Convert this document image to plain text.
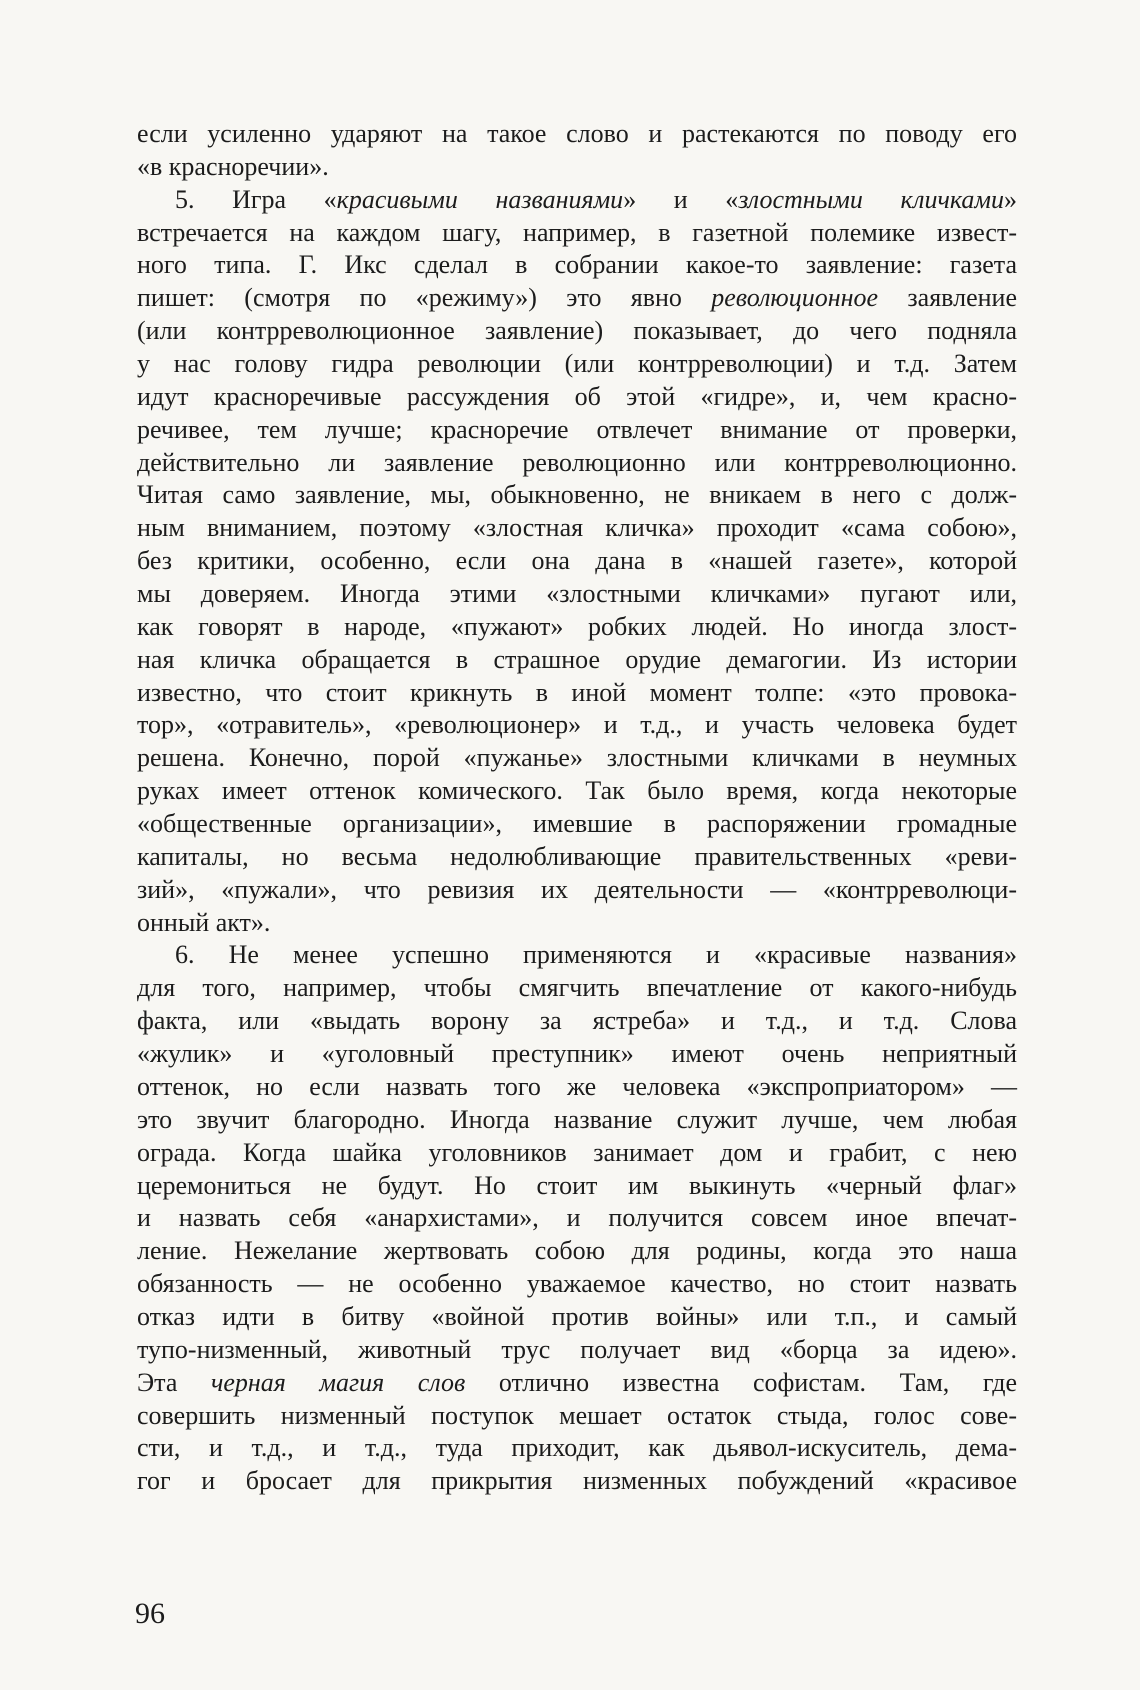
если усиленно ударяют на такое слово и растекаются по поводу его
«в красноречии».
5. Игра «красивыми названиями» и «злостными кличками»
встречается на каждом шагу, например, в газетной полемике извест-
ного типа. Г. Икс сделал в собрании какое-то заявление: газета
пишет: (смотря по «режиму») это явно революционное заявление
(или контрреволюционное заявление) показывает, до чего подняла
у нас голову гидра революции (или контрреволюции) и т.д. Затем
идут красноречивые рассуждения об этой «гидре», и, чем красно-
речивее, тем лучше; красноречие отвлечет внимание от проверки,
действительно ли заявление революционно или контрреволюционно.
Читая само заявление, мы, обыкновенно, не вникаем в него с долж-
ным вниманием, поэтому «злостная кличка» проходит «сама собою»,
без критики, особенно, если она дана в «нашей газете», которой
мы доверяем. Иногда этими «злостными кличками» пугают или,
как говорят в народе, «пужают» робких людей. Но иногда злост-
ная кличка обращается в страшное орудие демагогии. Из истории
известно, что стоит крикнуть в иной момент толпе: «это провока-
тор», «отравитель», «революционер» и т.д., и участь человека будет
решена. Конечно, порой «пужанье» злостными кличками в неумных
руках имеет оттенок комического. Так было время, когда некоторые
«общественные организации», имевшие в распоряжении громадные
капиталы, но весьма недолюбливающие правительственных «реви-
зий», «пужали», что ревизия их деятельности — «контрреволюци-
онный акт».
6. Не менее успешно применяются и «красивые названия»
для того, например, чтобы смягчить впечатление от какого-нибудь
факта, или «выдать ворону за ястреба» и т.д., и т.д. Слова
«жулик» и «уголовный преступник» имеют очень неприятный
оттенок, но если назвать того же человека «экспроприатором» —
это звучит благородно. Иногда название служит лучше, чем любая
ограда. Когда шайка уголовников занимает дом и грабит, с нею
церемониться не будут. Но стоит им выкинуть «черный флаг»
и назвать себя «анархистами», и получится совсем иное впечат-
ление. Нежелание жертвовать собою для родины, когда это наша
обязанность — не особенно уважаемое качество, но стоит назвать
отказ идти в битву «войной против войны» или т.п., и самый
тупо-низменный, животный трус получает вид «борца за идею».
Эта черная магия слов отлично известна софистам. Там, где
совершить низменный поступок мешает остаток стыда, голос сове-
сти, и т.д., и т.д., туда приходит, как дьявол-искуситель, дема-
гог и бросает для прикрытия низменных побуждений «красивое
96
